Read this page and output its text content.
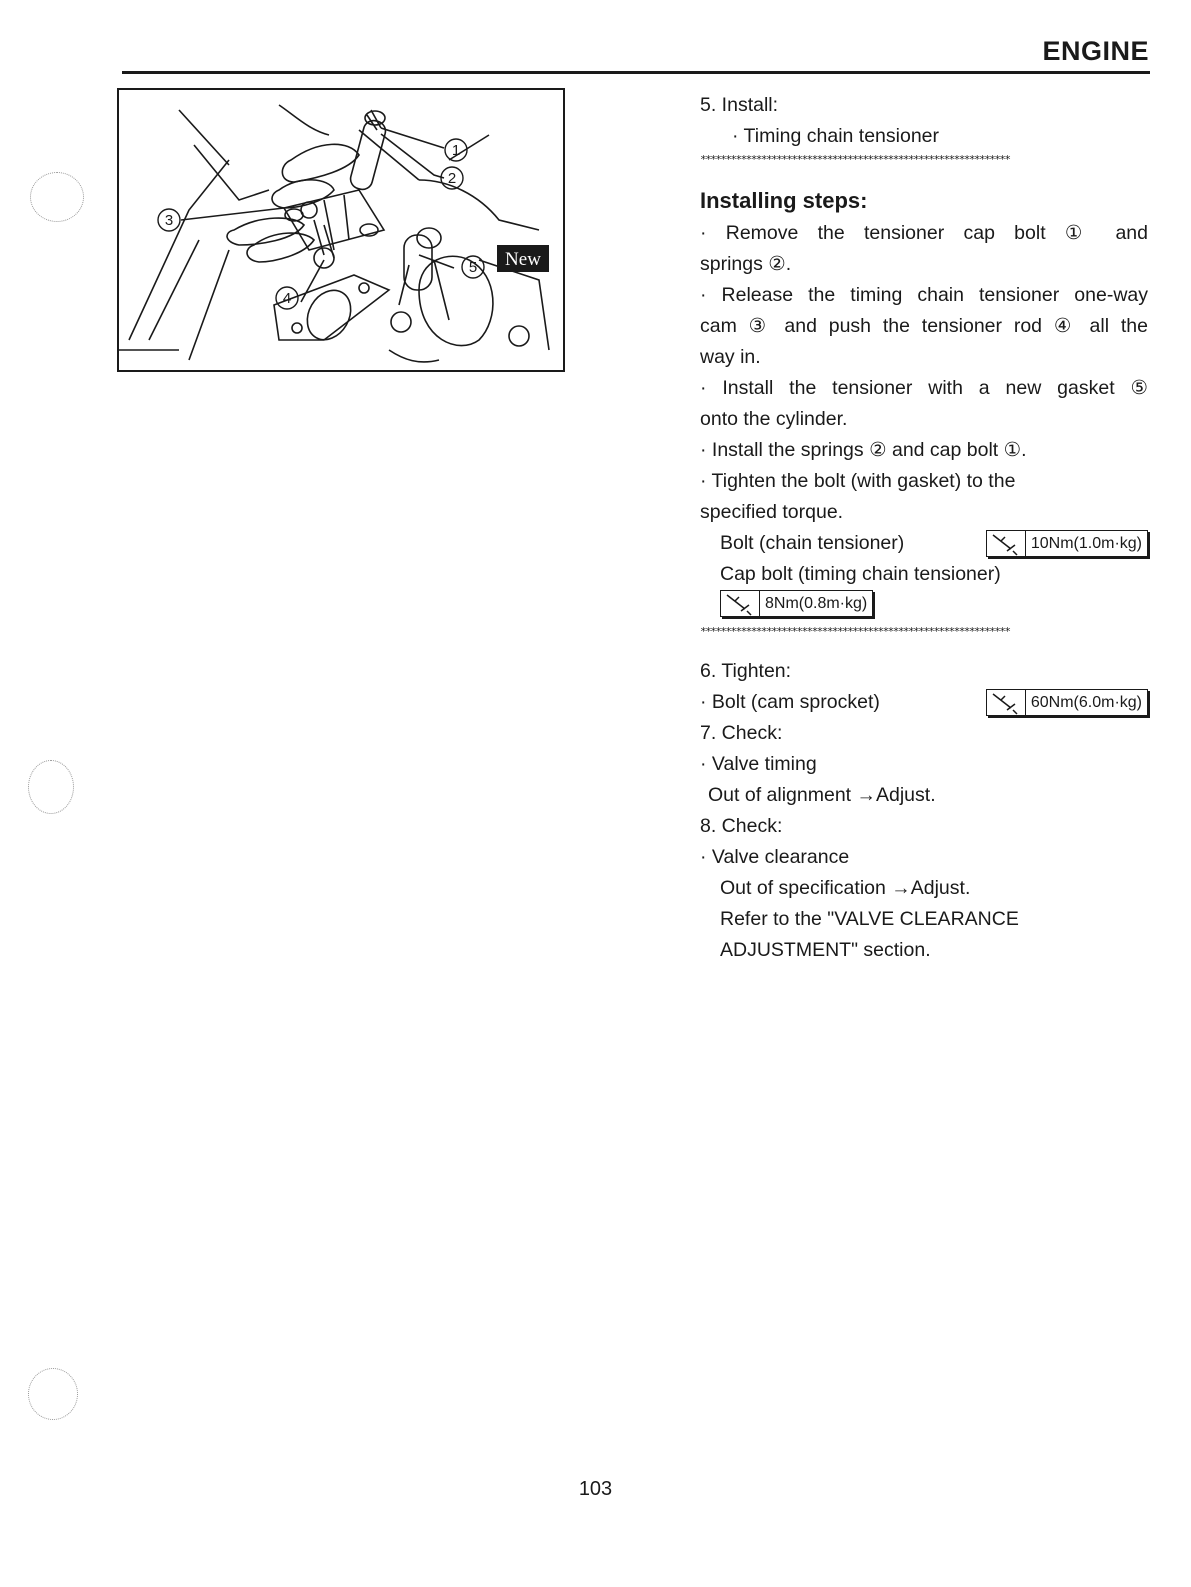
ENGINE
1
2
3
4
5 New
5. Install:
· Timing chain tensioner
*************************************************************
Installing steps:
· Remove the tensioner cap bolt ① and
springs ②.
· Release the timing chain tensioner one-way
cam ③ and push the tensioner rod ④ all the
way in.
· Install the tensioner with a new gasket ⑤
onto the cylinder.
· Install the springs ② and cap bolt ①.
· Tighten the bolt (with gasket) to the
specified torque.
Bolt (chain tensioner)	10Nm(1.0m·kg)
Cap bolt (timing chain tensioner)
8Nm(0.8m·kg)
*************************************************************
6. Tighten:
· Bolt (cam sprocket)	60Nm(6.0m·kg)
7. Check:
· Valve timing
Out of alignment →Adjust.
8. Check:
· Valve clearance
Out of specification →Adjust.
Refer to the "VALVE CLEARANCE
ADJUSTMENT" section.
103
